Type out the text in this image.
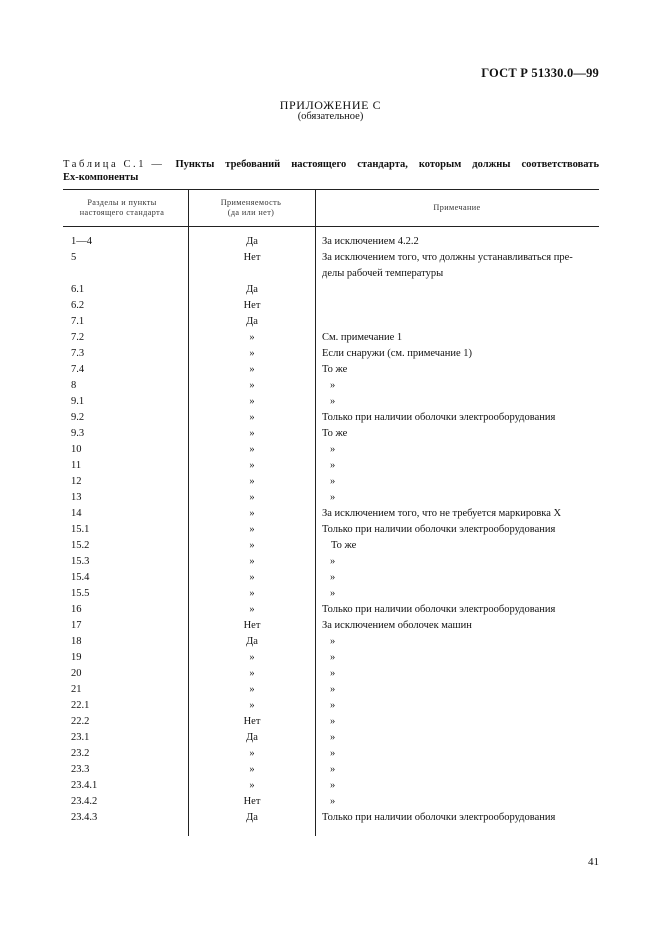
ГОСТ Р 51330.0—99
ПРИЛОЖЕНИЕ С
(обязательное)
Таблица С.1 — Пункты требований настоящего стандарта, которым должны соответствовать
Ex-компоненты
Разделы и пункты
настоящего стандарта
Применяемость
(да или нет)
Примечание
1—4	Да	За исключением 4.2.2
5	Нет	За исключением того, что должны устанавливаться пре-
делы рабочей температуры
6.1	Да
6.2	Нет
7.1	Да
7.2	»	См. примечание 1
7.3	»	Если снаружи (см. примечание 1)
7.4	»	То же
8	»	»
9.1	»	»
9.2	»	Только при наличии оболочки электрооборудования
9.3	»	То же
10	»	»
11	»	»
12	»	»
13	»	»
14	»	За исключением того, что не требуется маркировка X
15.1	»	Только при наличии оболочки электрооборудования
15.2	»	То же
15.3	»	»
15.4	»	»
15.5	»	»
16	»	Только при наличии оболочки электрооборудования
17	Нет	За исключением оболочек машин
18	Да	»
19	»	»
20	»	»
21	»	»
22.1	»	»
22.2	Нет	»
23.1	Да	»
23.2	»	»
23.3	»	»
23.4.1	»	»
23.4.2	Нет	»
23.4.3	Да	Только при наличии оболочки электрооборудования
41
